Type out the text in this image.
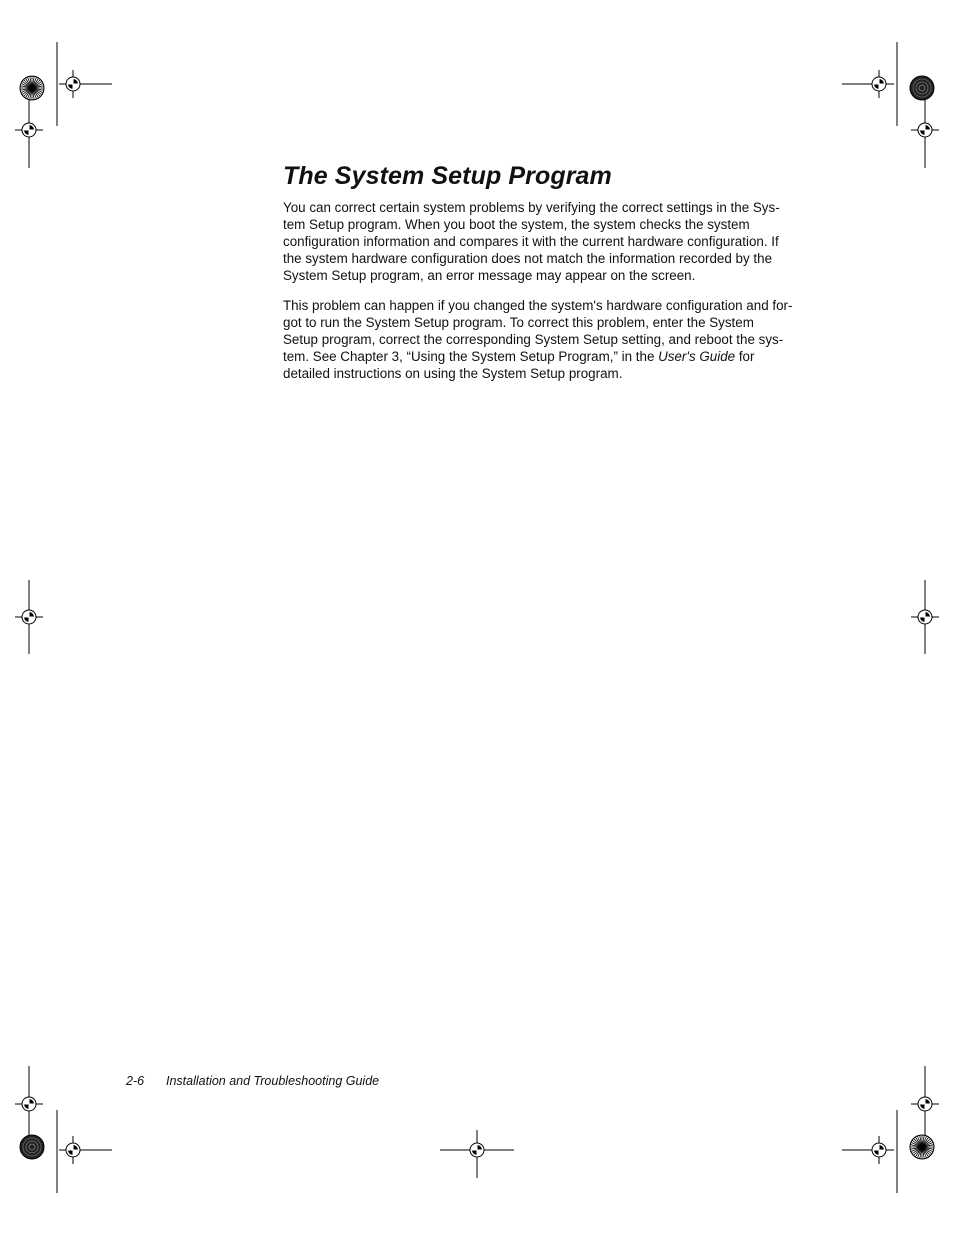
The System Setup Program

You can correct certain system problems by verifying the correct settings in the Sys-
tem Setup program. When you boot the system, the system checks the system
configuration information and compares it with the current hardware configuration. If
the system hardware configuration does not match the information recorded by the
System Setup program, an error message may appear on the screen.

This problem can happen if you changed the system's hardware configuration and for-
got to run the System Setup program. To correct this problem, enter the System
Setup program, correct the corresponding System Setup setting, and reboot the sys-
tem. See Chapter 3, “Using the System Setup Program,” in the User's Guide for
detailed instructions on using the System Setup program.

2-6 Installation and Troubleshooting Guide
